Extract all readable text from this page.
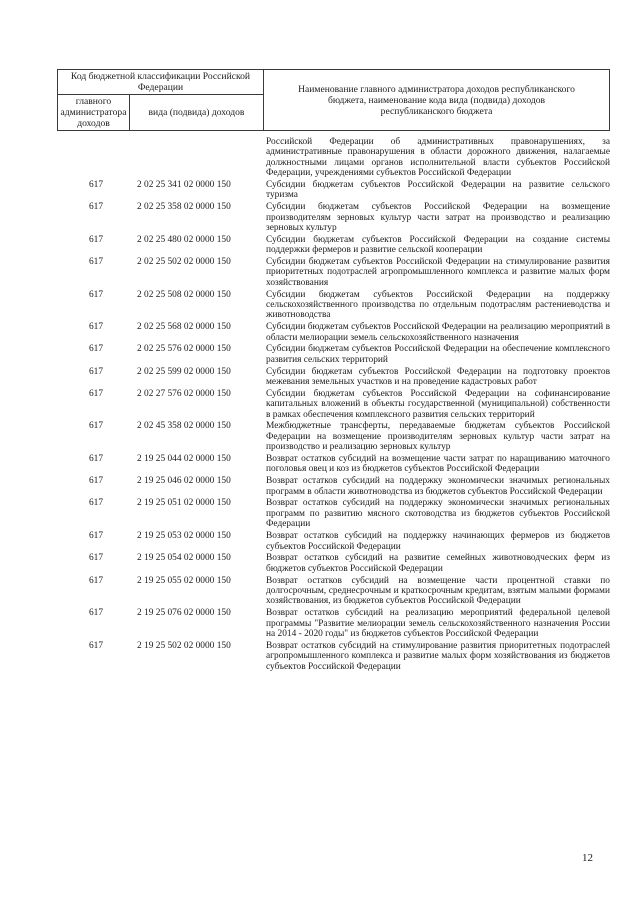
Код бюджетной классификации Российской Федерации		Наименование главного администратора доходов республиканского бюджета, наименование кода вида (подвида) доходов республиканского бюджета
главного администратора доходов	вида (подвида) доходов	
Российской Федерации об административных правонарушениях, за административные правонарушения в области дорожного движения, налагаемые должностными лицами органов исполнительной власти субъектов Российской Федерации, учреждениями субъектов Российской Федерации
617	2 02 25 341 02 0000 150	Субсидии бюджетам субъектов Российской Федерации на развитие сельского туризма
617	2 02 25 358 02 0000 150	Субсидии бюджетам субъектов Российской Федерации на возмещение производителям зерновых культур части затрат на производство и реализацию зерновых культур
617	2 02 25 480 02 0000 150	Субсидии бюджетам субъектов Российской Федерации на создание системы поддержки фермеров и развитие сельской кооперации
617	2 02 25 502 02 0000 150	Субсидии бюджетам субъектов Российской Федерации на стимулирование развития приоритетных подотраслей агропромышленного комплекса и развитие малых форм хозяйствования
617	2 02 25 508 02 0000 150	Субсидии бюджетам субъектов Российской Федерации на поддержку сельскохозяйственного производства по отдельным подотраслям растениеводства и животноводства
617	2 02 25 568 02 0000 150	Субсидии бюджетам субъектов Российской Федерации на реализацию мероприятий в области мелиорации земель сельскохозяйственного назначения
617	2 02 25 576 02 0000 150	Субсидии бюджетам субъектов Российской Федерации на обеспечение комплексного развития сельских территорий
617	2 02 25 599 02 0000 150	Субсидии бюджетам субъектов Российской Федерации на подготовку проектов межевания земельных участков и на проведение кадастровых работ
617	2 02 27 576 02 0000 150	Субсидии бюджетам субъектов Российской Федерации на софинансирование капитальных вложений в объекты государственной (муниципальной) собственности в рамках обеспечения комплексного развития сельских территорий
617	2 02 45 358 02 0000 150	Межбюджетные трансферты, передаваемые бюджетам субъектов Российской Федерации на возмещение производителям зерновых культур части затрат на производство и реализацию зерновых культур
617	2 19 25 044 02 0000 150	Возврат остатков субсидий на возмещение части затрат по наращиванию маточного поголовья овец и коз из бюджетов субъектов Российской Федерации
617	2 19 25 046 02 0000 150	Возврат остатков субсидий на поддержку экономически значимых региональных программ в области животноводства из бюджетов субъектов Российской Федерации
617	2 19 25 051 02 0000 150	Возврат остатков субсидий на поддержку экономически значимых региональных программ по развитию мясного скотоводства из бюджетов субъектов Российской Федерации
617	2 19 25 053 02 0000 150	Возврат остатков субсидий на поддержку начинающих фермеров из бюджетов субъектов Российской Федерации
617	2 19 25 054 02 0000 150	Возврат остатков субсидий на развитие семейных животноводческих ферм из бюджетов субъектов Российской Федерации
617	2 19 25 055 02 0000 150	Возврат остатков субсидий на возмещение части процентной ставки по долгосрочным, среднесрочным и краткосрочным кредитам, взятым малыми формами хозяйствования, из бюджетов субъектов Российской Федерации
617	2 19 25 076 02 0000 150	Возврат остатков субсидий на реализацию мероприятий федеральной целевой программы "Развитие мелиорации земель сельскохозяйственного назначения России на 2014 - 2020 годы" из бюджетов субъектов Российской Федерации
617	2 19 25 502 02 0000 150	Возврат остатков субсидий на стимулирование развития приоритетных подотраслей агропромышленного комплекса и развитие малых форм хозяйствования из бюджетов субъектов Российской Федерации
12
